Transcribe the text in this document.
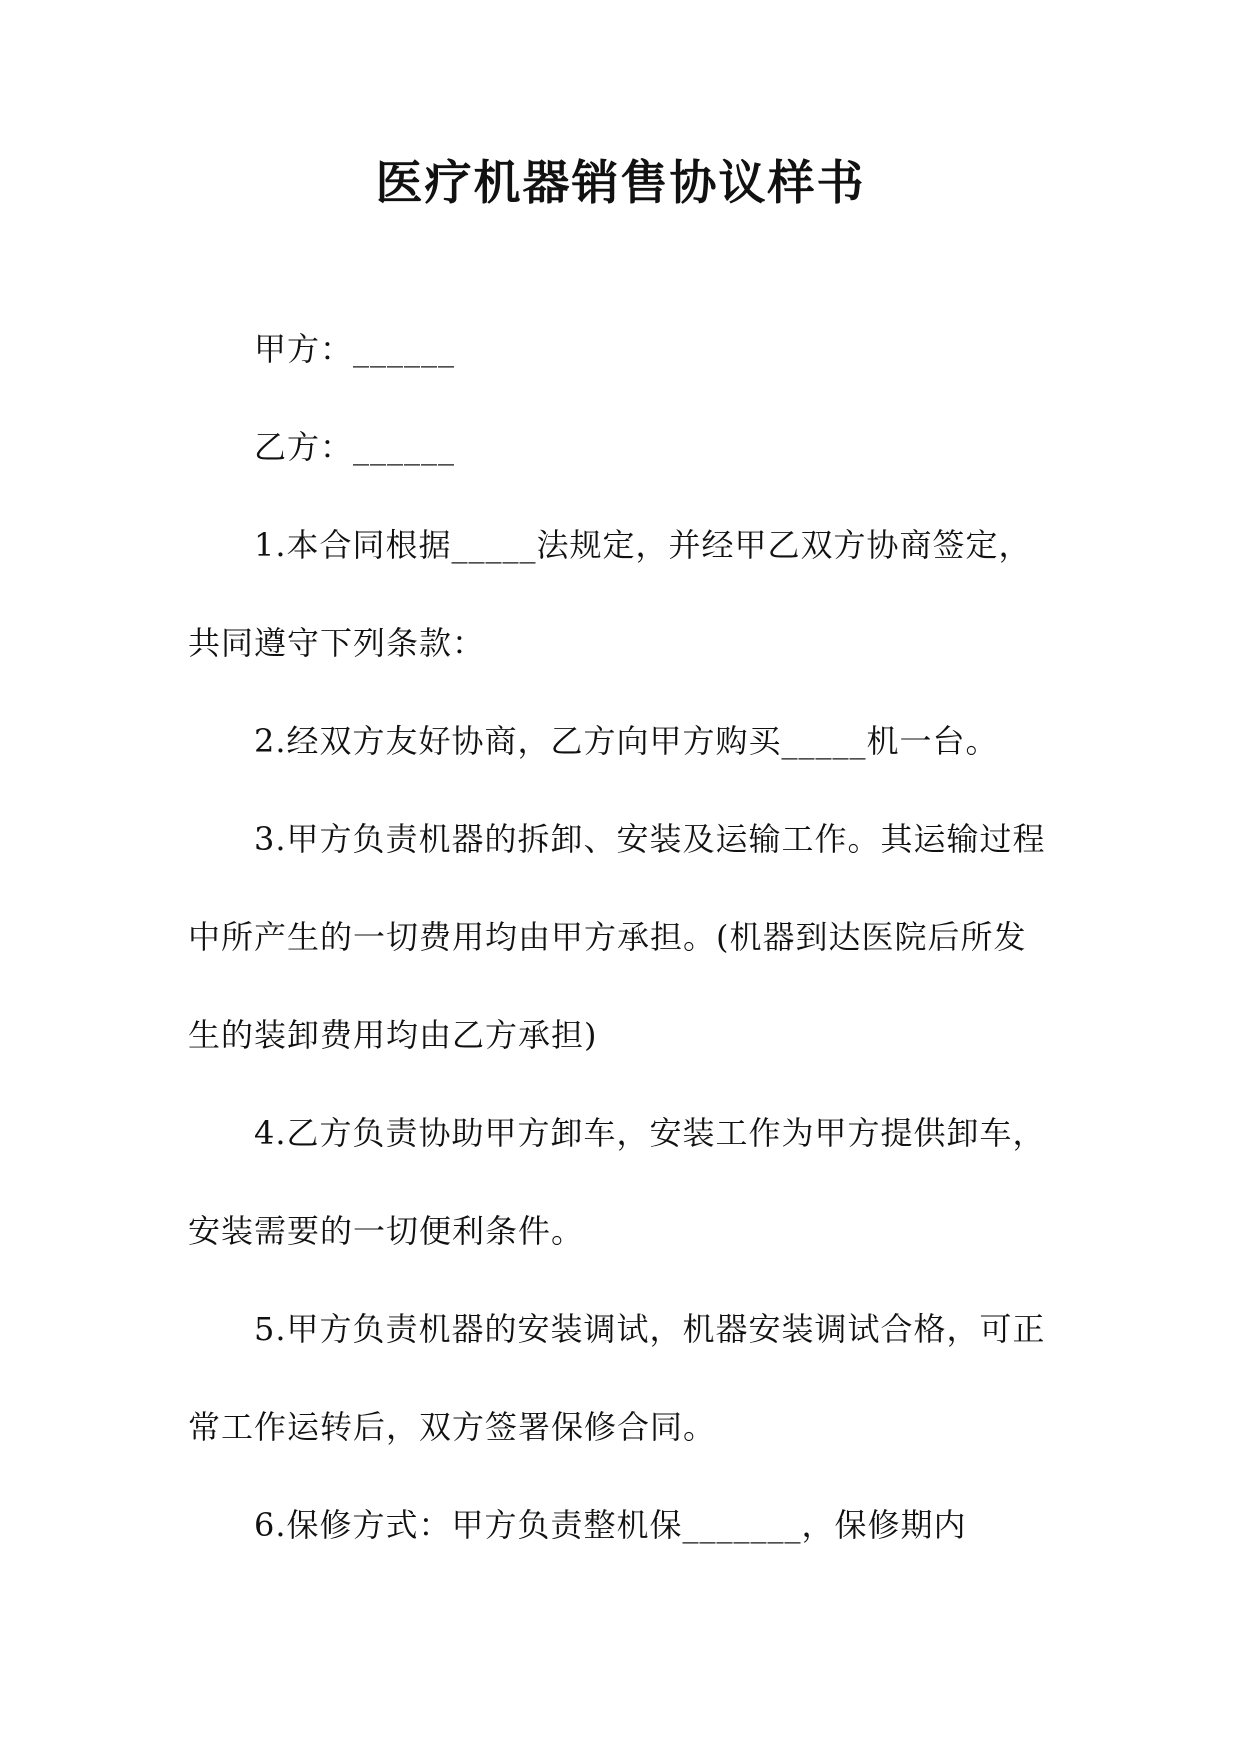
医疗机器销售协议样书

甲方：______

乙方：______

1.本合同根据_____法规定，并经甲乙双方协商签定，共同遵守下列条款：

2.经双方友好协商，乙方向甲方购买_____机一台。

3.甲方负责机器的拆卸、安装及运输工作。其运输过程中所产生的一切费用均由甲方承担。(机器到达医院后所发生的装卸费用均由乙方承担)

4.乙方负责协助甲方卸车，安装工作为甲方提供卸车，安装需要的一切便利条件。

5.甲方负责机器的安装调试，机器安装调试合格，可正常工作运转后，双方签署保修合同。

6.保修方式：甲方负责整机保_______，保修期内
